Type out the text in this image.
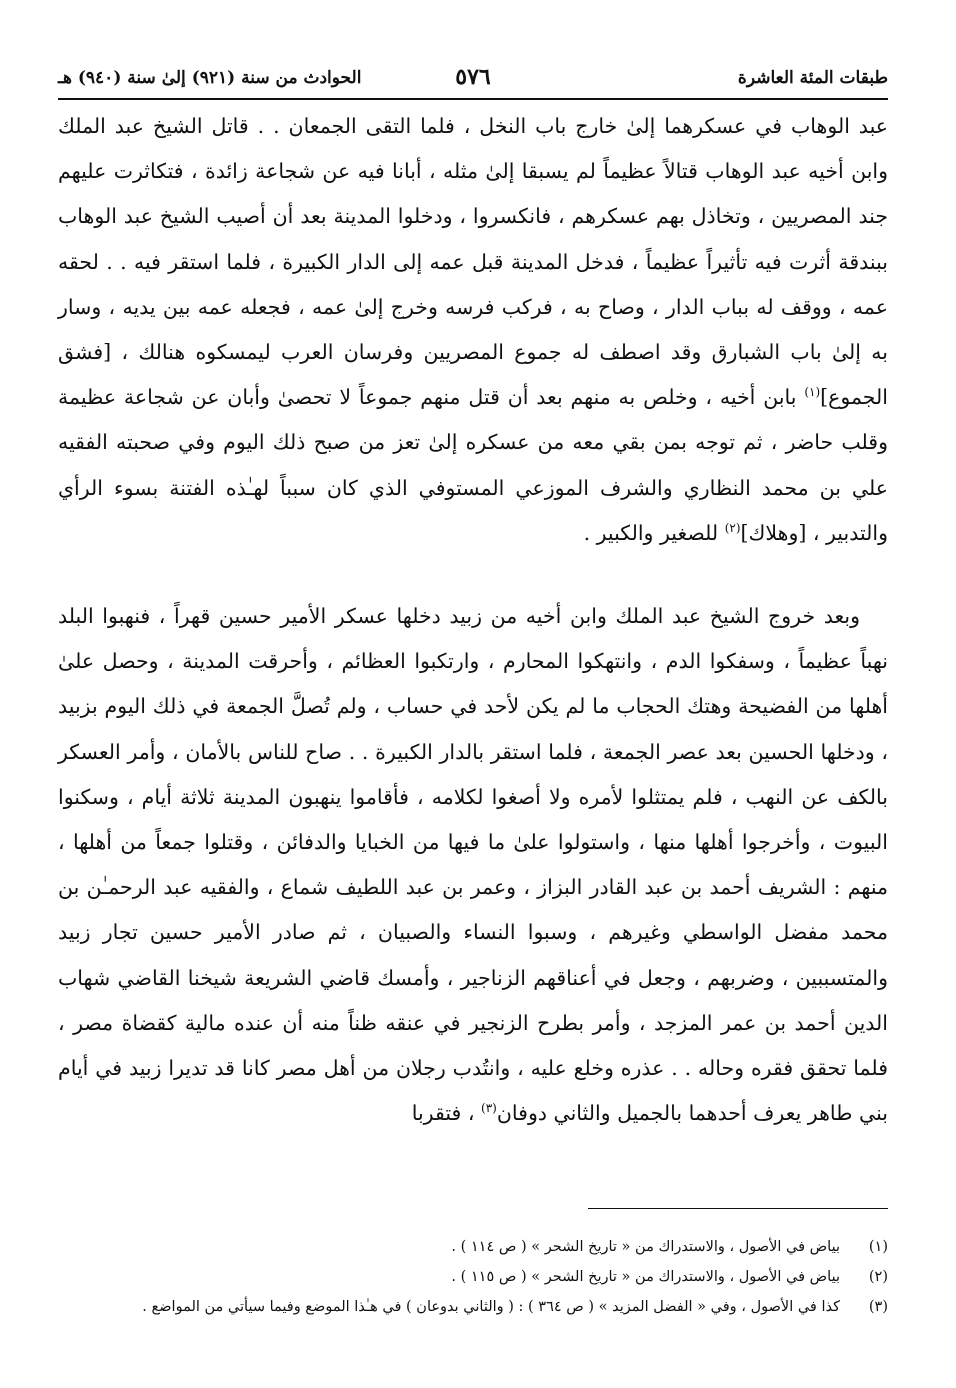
طبقات المئة العاشرة
٥٧٦
الحوادث من سنة (٩٢١) إلىٰ سنة (٩٤٠) هـ

عبد الوهاب في عسكرهما إلىٰ خارج باب النخل ، فلما التقى الجمعان . . قاتل الشيخ عبد الملك وابن أخيه عبد الوهاب قتالاً عظيماً لم يسبقا إلىٰ مثله ، أبانا فيه عن شجاعة زائدة ، فتكاثرت عليهم جند المصريين ، وتخاذل بهم عسكرهم ، فانكسروا ، ودخلوا المدينة بعد أن أصيب الشيخ عبد الوهاب ببندقة أثرت فيه تأثيراً عظيماً ، فدخل المدينة قبل عمه إلى الدار الكبيرة ، فلما استقر فيه . . لحقه عمه ، ووقف له بباب الدار ، وصاح به ، فركب فرسه وخرج إلىٰ عمه ، فجعله عمه بين يديه ، وسار به إلىٰ باب الشبارق وقد اصطف له جموع المصريين وفرسان العرب ليمسكوه هنالك ، [فشق الجموع]$^{(١)}$ بابن أخيه ، وخلص به منهم بعد أن قتل منهم جموعاً لا تحصىٰ وأبان عن شجاعة عظيمة وقلب حاضر ، ثم توجه بمن بقي معه من عسكره إلىٰ تعز من صبح ذلك اليوم وفي صحبته الفقيه علي بن محمد النظاري والشرف الموزعي المستوفي الذي كان سبباً لهـٰذه الفتنة بسوء الرأي والتدبير ، [وهلاك]$^{(٢)}$ للصغير والكبير .

وبعد خروج الشيخ عبد الملك وابن أخيه من زبيد دخلها عسكر الأمير حسين قهراً ، فنهبوا البلد نهباً عظيماً ، وسفكوا الدم ، وانتهكوا المحارم ، وارتكبوا العظائم ، وأحرقت المدينة ، وحصل علىٰ أهلها من الفضيحة وهتك الحجاب ما لم يكن لأحد في حساب ، ولم تُصلَّ الجمعة في ذلك اليوم بزبيد ، ودخلها الحسين بعد عصر الجمعة ، فلما استقر بالدار الكبيرة . . صاح للناس بالأمان ، وأمر العسكر بالكف عن النهب ، فلم يمتثلوا لأمره ولا أصغوا لكلامه ، فأقاموا ينهبون المدينة ثلاثة أيام ، وسكنوا البيوت ، وأخرجوا أهلها منها ، واستولوا علىٰ ما فيها من الخبايا والدفائن ، وقتلوا جمعاً من أهلها ، منهم : الشريف أحمد بن عبد القادر البزاز ، وعمر بن عبد اللطيف شماع ، والفقيه عبد الرحمـٰن بن محمد مفضل الواسطي وغيرهم ، وسبوا النساء والصبيان ، ثم صادر الأمير حسين تجار زبيد والمتسببين ، وضربهم ، وجعل في أعناقهم الزناجير ، وأمسك قاضي الشريعة شيخنا القاضي شهاب الدين أحمد بن عمر المزجد ، وأمر بطرح الزنجير في عنقه ظناً منه أن عنده مالية كقضاة مصر ، فلما تحقق فقره وحاله . . عذره وخلع عليه ، وانتُدب رجلان من أهل مصر كانا قد تديرا زبيد في أيام بني طاهر يعرف أحدهما بالجميل والثاني دوفان$^{(٣)}$ ، فتقربا

(١)
بياض في الأصول ، والاستدراك من « تاريخ الشحر » ( ص ١١٤ ) .
(٢)
بياض في الأصول ، والاستدراك من « تاريخ الشحر » ( ص ١١٥ ) .
(٣)
كذا في الأصول ، وفي « الفضل المزيد » ( ص ٣٦٤ ) : ( والثاني بدوعان ) في هـٰذا الموضع وفيما سيأتي من المواضع .
